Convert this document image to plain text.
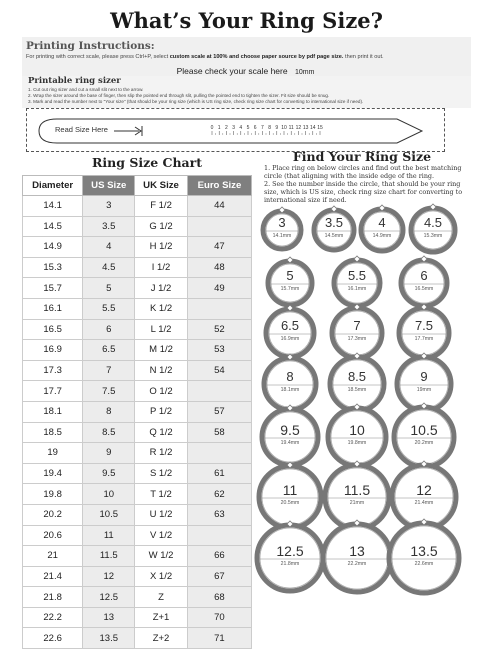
What’s Your Ring Size?
Printing Instructions:
For printing with correct scale, please press Ctrl+P, select custom scale at 100% and choose paper source by pdf page size. then print it out.
Please check your scale here 10mm
Printable ring sizer
1. Cut out ring sizer and cut a small slit next to the arrow.
2. Wrap the sizer around the base of finger, then slip the pointed end through slit, pulling the pointed end to tighten the sizer. Fit size should be snug.
3. Mark and read the number next to "Your size" (that should be your ring size (which is US ring size, check ring size chart for converting to international size if need).
0 1 2 3 4 5 6 7 8 9 10 11 12 13 14 15
Read Size Here
Ring Size Chart
Diameter	US Size	UK Size	Euro Size
14.1	3	F 1/2	44
14.5	3.5	G 1/2	
14.9	4	H 1/2	47
15.3	4.5	I 1/2	48
15.7	5	J 1/2	49
16.1	5.5	K 1/2	
16.5	6	L 1/2	52
16.9	6.5	M 1/2	53
17.3	7	N 1/2	54
17.7	7.5	O 1/2	
18.1	8	P 1/2	57
18.5	8.5	Q 1/2	58
19	9	R 1/2	
19.4	9.5	S 1/2	61
19.8	10	T 1/2	62
20.2	10.5	U 1/2	63
20.6	11	V 1/2	
21	11.5	W 1/2	66
21.4	12	X 1/2	67
21.8	12.5	Z	68
22.2	13	Z+1	70
22.6	13.5	Z+2	71
Find Your Ring Size
1. Place ring on below circles and find out the best matching circle (that aligning with the inside edge of the ring.
2. See the number inside the circle, that should be your ring size, which is US size, check ring size chart for converting to international size if need.
3
14.1mm
3.5
14.5mm
4
14.9mm
4.5
15.3mm
5
15.7mm
5.5
16.1mm
6
16.5mm
6.5
16.9mm
7
17.3mm
7.5
17.7mm
8
18.1mm
8.5
18.5mm
9
19mm
9.5
19.4mm
10
19.8mm
10.5
20.2mm
11
20.5mm
11.5
21mm
12
21.4mm
12.5
21.8mm
13
22.2mm
13.5
22.6mm
